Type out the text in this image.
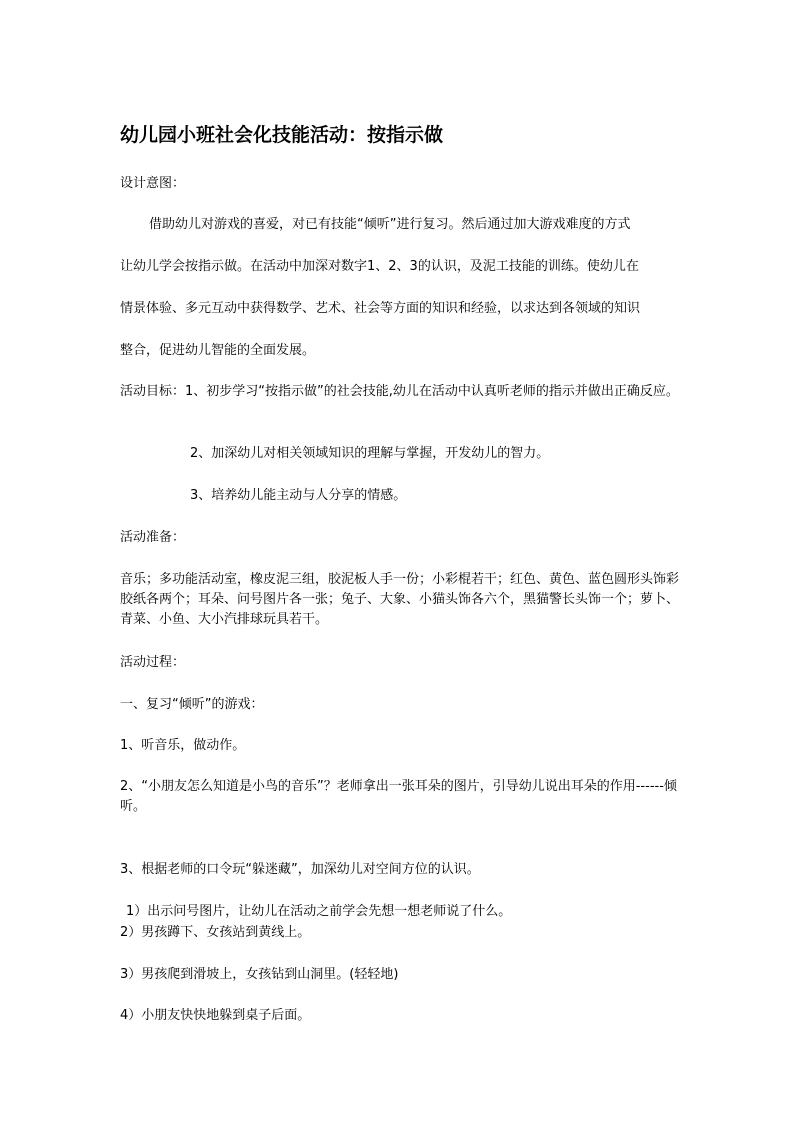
幼儿园小班社会化技能活动：按指示做

设计意图：

借助幼儿对游戏的喜爱，对已有技能“倾听”进行复习。然后通过加大游戏难度的方式

让幼儿学会按指示做。在活动中加深对数字1、2、3的认识，及泥工技能的训练。使幼儿在

情景体验、多元互动中获得数学、艺术、社会等方面的知识和经验，以求达到各领域的知识

整合，促进幼儿智能的全面发展。

活动目标：1、初步学习“按指示做”的社会技能,幼儿在活动中认真听老师的指示并做出正确反应。

2、加深幼儿对相关领域知识的理解与掌握，开发幼儿的智力。

3、培养幼儿能主动与人分享的情感。

活动准备：

音乐；多功能活动室，橡皮泥三组，胶泥板人手一份；小彩棍若干；红色、黄色、蓝色圆形头饰彩胶纸各两个；耳朵、问号图片各一张；兔子、大象、小猫头饰各六个，黑猫警长头饰一个；萝卜、青菜、小鱼、大小汽排球玩具若干。

活动过程：

一、复习“倾听”的游戏：

1、听音乐，做动作。

2、“小朋友怎么知道是小鸟的音乐”？老师拿出一张耳朵的图片，引导幼儿说出耳朵的作用------倾听。

3、根据老师的口令玩“躲迷藏”，加深幼儿对空间方位的认识。

1）出示问号图片，让幼儿在活动之前学会先想一想老师说了什么。

2）男孩蹲下、女孩站到黄线上。

3）男孩爬到滑坡上，女孩钻到山洞里。(轻轻地)

4）小朋友快快地躲到桌子后面。
